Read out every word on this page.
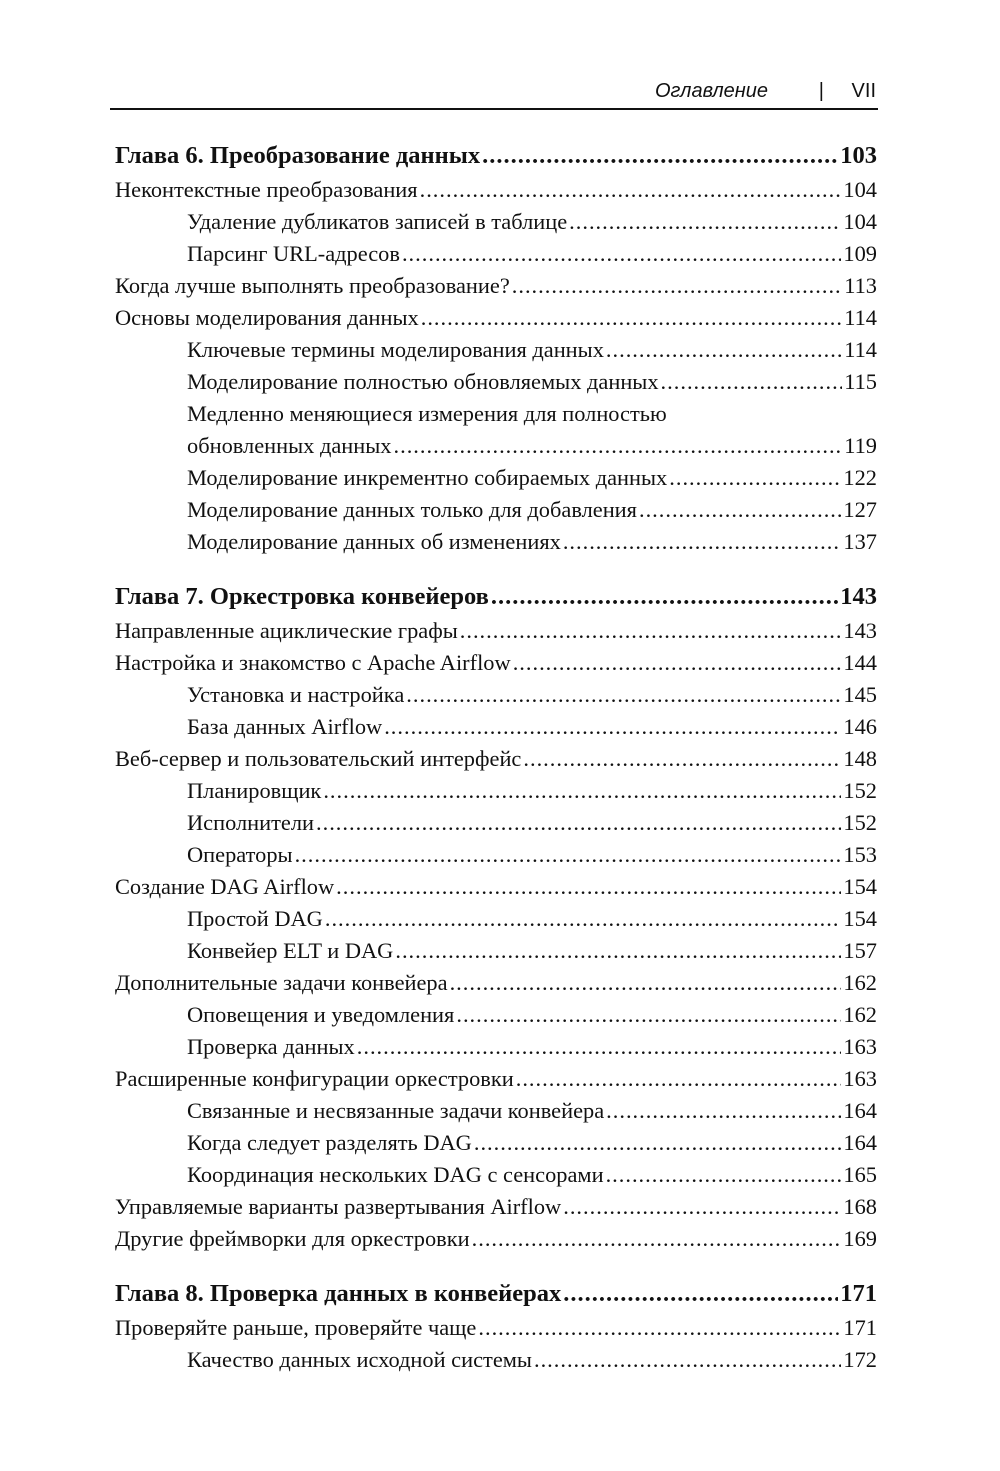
Оглавление	| VII
Глава 6. Преобразование данных .....	103
Неконтекстные преобразования .....	104
Удаление дубликатов записей в таблице .....	104
Парсинг URL-адресов .....	109
Когда лучше выполнять преобразование? .....	113
Основы моделирования данных .....	114
Ключевые термины моделирования данных .....	114
Моделирование полностью обновляемых данных .....	115
Медленно меняющиеся измерения для полностью
обновленных данных .....	119
Моделирование инкрементно собираемых данных .....	122
Моделирование данных только для добавления .....	127
Моделирование данных об изменениях .....	137
Глава 7. Оркестровка конвейеров .....	143
Направленные ациклические графы .....	143
Настройка и знакомство с Apache Airflow .....	144
Установка и настройка .....	145
База данных Airflow .....	146
Веб-сервер и пользовательский интерфейс .....	148
Планировщик .....	152
Исполнители .....	152
Операторы .....	153
Создание DAG Airflow .....	154
Простой DAG .....	154
Конвейер ELT и DAG .....	157
Дополнительные задачи конвейера .....	162
Оповещения и уведомления .....	162
Проверка данных .....	163
Расширенные конфигурации оркестровки .....	163
Связанные и несвязанные задачи конвейера .....	164
Когда следует разделять DAG .....	164
Координация нескольких DAG с сенсорами .....	165
Управляемые варианты развертывания Airflow .....	168
Другие фреймворки для оркестровки .....	169
Глава 8. Проверка данных в конвейерах .....	171
Проверяйте раньше, проверяйте чаще .....	171
Качество данных исходной системы .....	172
